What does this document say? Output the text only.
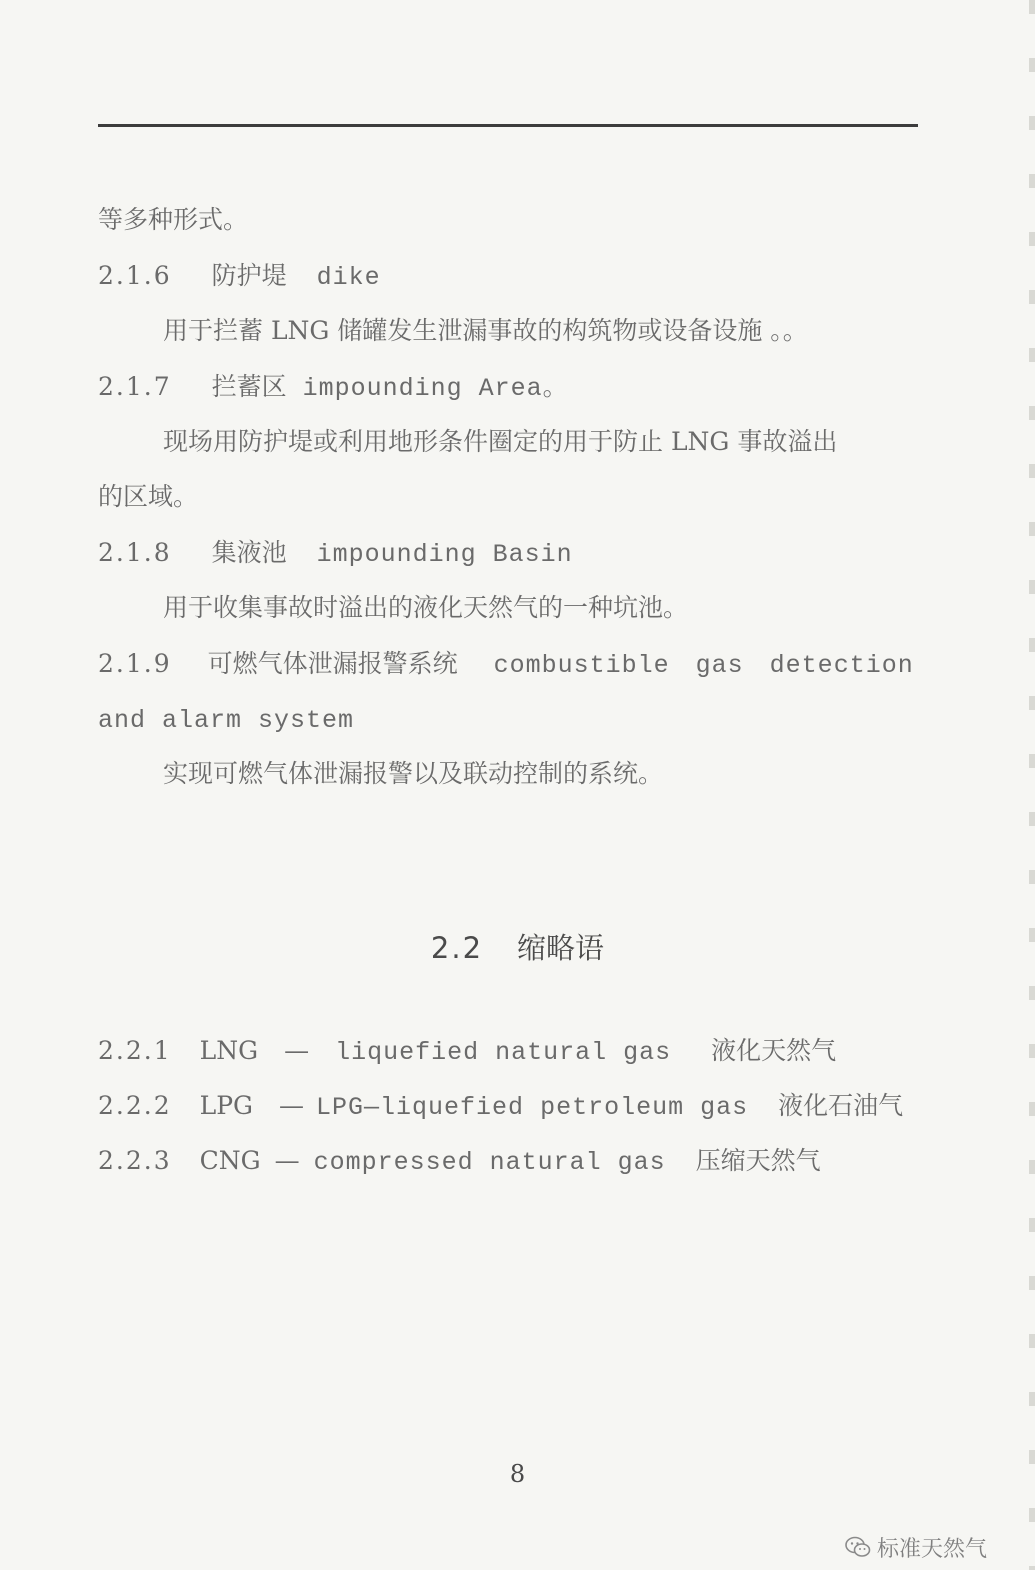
等多种形式。
2.1.6 防护堤 dike
用于拦蓄 LNG 储罐发生泄漏事故的构筑物或设备设施 。。
2.1.7 拦蓄区 impounding Area。
现场用防护堤或利用地形条件圈定的用于防止 LNG 事故溢出
的区域。
2.1.8 集液池 impounding Basin
用于收集事故时溢出的液化天然气的一种坑池。
2.1.9 可燃气体泄漏报警系统 combustible gas detection
and alarm system
实现可燃气体泄漏报警以及联动控制的系统。
2.2 缩略语
2.2.1 LNG — liquefied natural gas 液化天然气
2.2.2 LPG — LPG—liquefied petroleum gas 液化石油气
2.2.3 CNG — compressed natural gas 压缩天然气
8
标准天然气
